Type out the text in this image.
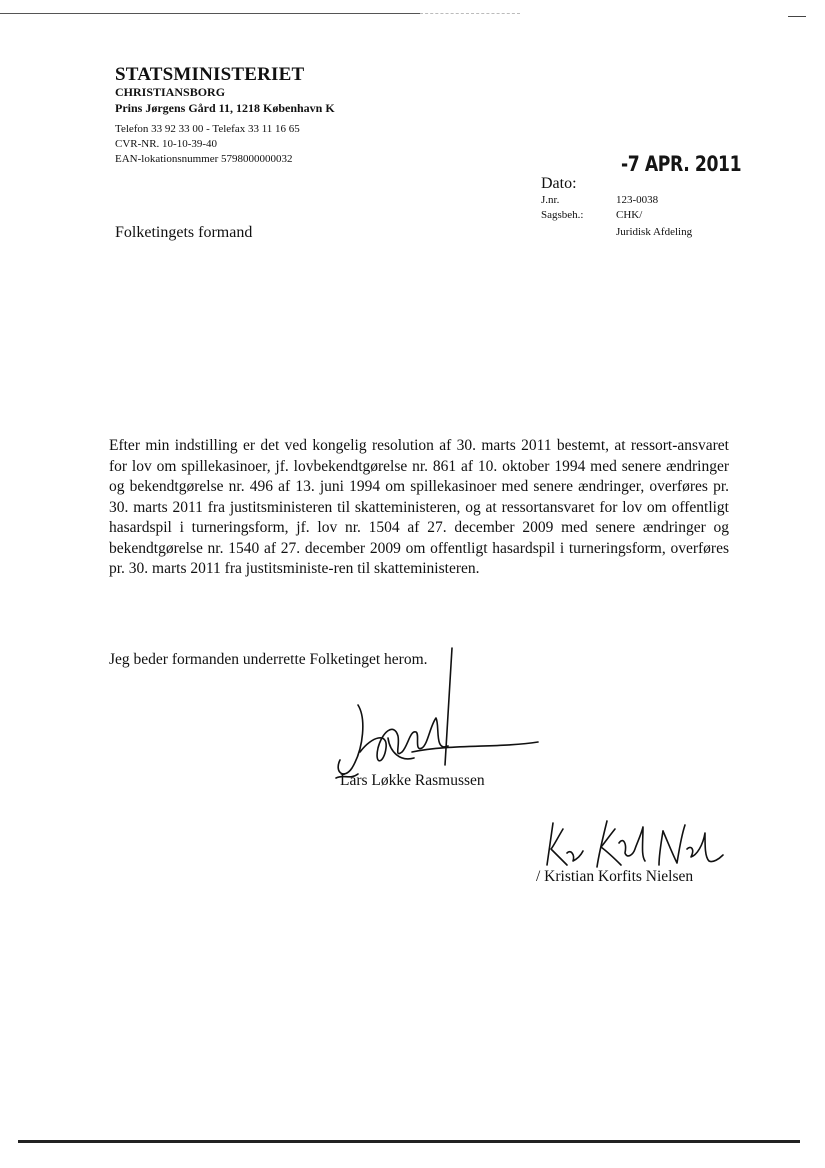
STATSMINISTERIET
CHRISTIANSBORG
Prins Jørgens Gård 11, 1218 København K
Telefon 33 92 33 00 - Telefax 33 11 16 65
CVR-NR. 10-10-39-40
EAN-lokationsnummer 5798000000032	-7 APR. 2011
Dato:
J.nr.	123-0038
Sagsbeh.:	CHK/
Juridisk Afdeling
Folketingets formand
Efter min indstilling er det ved kongelig resolution af 30. marts 2011 bestemt, at ressort-ansvaret for lov om spillekasinoer, jf. lovbekendtgørelse nr. 861 af 10. oktober 1994 med senere ændringer og bekendtgørelse nr. 496 af 13. juni 1994 om spillekasinoer med senere ændringer, overføres pr. 30. marts 2011 fra justitsministeren til skatteministeren, og at ressortansvaret for lov om offentligt hasardspil i turneringsform, jf. lov nr. 1504 af 27. december 2009 med senere ændringer og bekendtgørelse nr. 1540 af 27. december 2009 om offentligt hasardspil i turneringsform, overføres pr. 30. marts 2011 fra justitsministe-ren til skatteministeren.
Jeg beder formanden underrette Folketinget herom.
Lars Løkke Rasmussen
/ Kristian Korfits Nielsen
